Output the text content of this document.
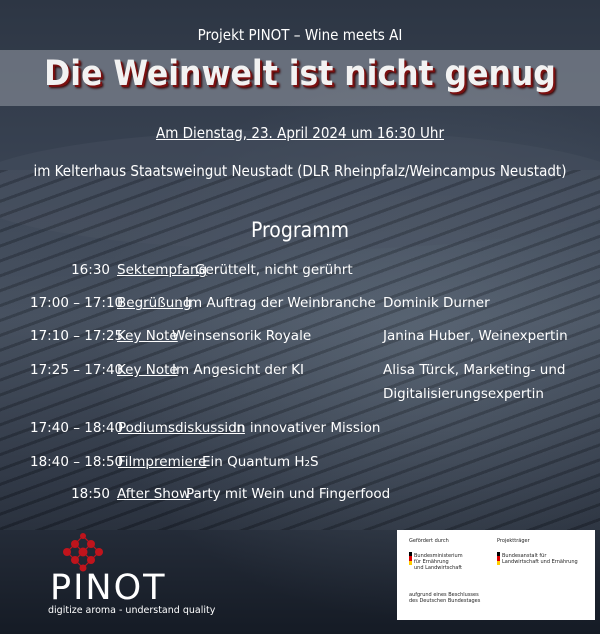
Projekt PINOT – Wine meets AI
Die Weinwelt ist nicht genug
Am Dienstag, 23. April 2024 um 16:30 Uhr
im Kelterhaus Staatsweingut Neustadt (DLR Rheinpfalz/Weincampus Neustadt)
Programm
16:30 Sektempfang
Gerüttelt, nicht gerührt
17:00 – 17:10
Begrüßung
Im Auftrag der Weinbranche Dominik Durner
17:10 – 17:25
Key Note
Weinsensorik Royale	Janina Huber, Weinexpertin
17:25 – 17:40
Key Note
Im Angesicht der KI	Alisa Türck, Marketing- und
Digitalisierungsexpertin
17:40 – 18:40
Podiumsdiskussion
In innovativer Mission
18:40 – 18:50
Filmpremiere
Ein Quantum H₂S
18:50 After Show
Party mit Wein und Fingerfood
PINOT
digitize aroma - understand quality
Gefördert durch
Bundesministerium
für Ernährung
und Landwirtschaft
aufgrund eines Beschlusses
des Deutschen Bundestages
Projektträger
Bundesanstalt für
Landwirtschaft und Ernährung
